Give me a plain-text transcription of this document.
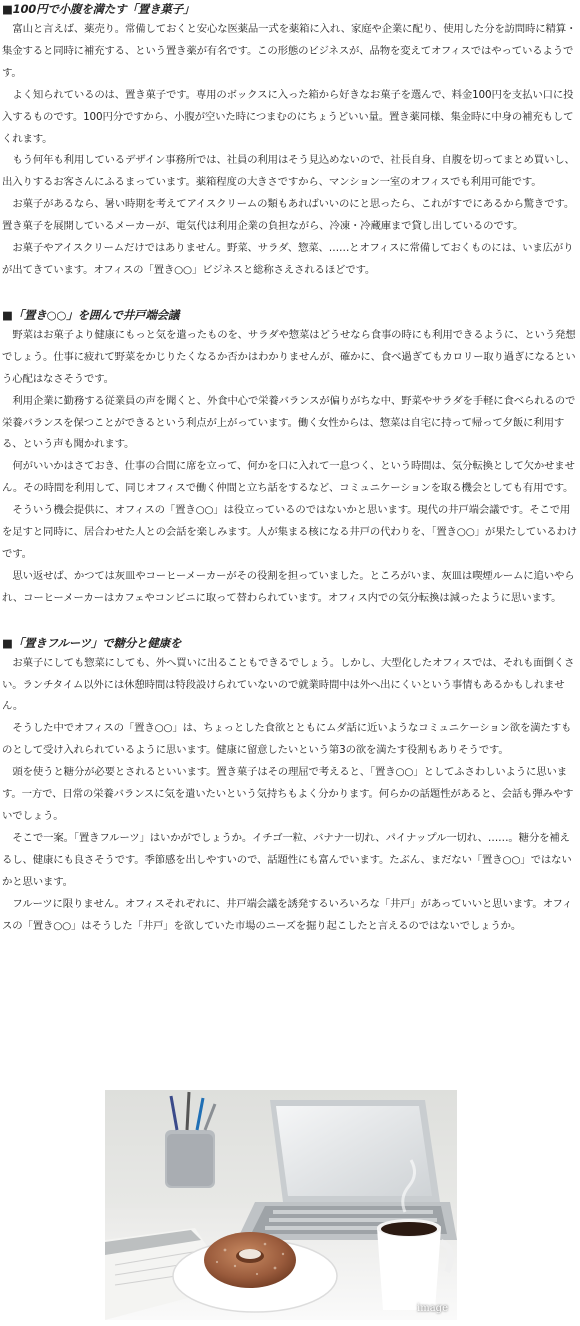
■100円で小腹を満たす「置き菓子」

富山と言えば、薬売り。常備しておくと安心な医薬品一式を薬箱に入れ、家庭や企業に配り、使用した分を訪問時に精算・集金すると同時に補充する、という置き薬が有名です。この形態のビジネスが、品物を変えてオフィスではやっているようです。

よく知られているのは、置き菓子です。専用のボックスに入った箱から好きなお菓子を選んで、料金100円を支払い口に投入するものです。100円分ですから、小腹が空いた時につまむのにちょうどいい量。置き薬同様、集金時に中身の補充もしてくれます。

もう何年も利用しているデザイン事務所では、社員の利用はそう見込めないので、社長自身、自腹を切ってまとめ買いし、出入りするお客さんにふるまっています。薬箱程度の大きさですから、マンション一室のオフィスでも利用可能です。

お菓子があるなら、暑い時期を考えてアイスクリームの類もあればいいのにと思ったら、これがすでにあるから驚きです。置き菓子を展開しているメーカーが、電気代は利用企業の負担ながら、冷凍・冷蔵庫まで貸し出しているのです。

お菓子やアイスクリームだけではありません。野菜、サラダ、惣菜、……とオフィスに常備しておくものには、いま広がりが出てきています。オフィスの「置き○○」ビジネスと総称さえされるほどです。

■「置き○○」を囲んで井戸端会議

野菜はお菓子より健康にもっと気を遣ったものを、サラダや惣菜はどうせなら食事の時にも利用できるように、という発想でしょう。仕事に疲れて野菜をかじりたくなるか否かはわかりませんが、確かに、食べ過ぎてもカロリー取り過ぎになるという心配はなさそうです。

利用企業に勤務する従業員の声を聞くと、外食中心で栄養バランスが偏りがちな中、野菜やサラダを手軽に食べられるので栄養バランスを保つことができるという利点が上がっています。働く女性からは、惣菜は自宅に持って帰って夕飯に利用する、という声も聞かれます。

何がいいかはさておき、仕事の合間に席を立って、何かを口に入れて一息つく、という時間は、気分転換として欠かせません。その時間を利用して、同じオフィスで働く仲間と立ち話をするなど、コミュニケーションを取る機会としても有用です。

そういう機会提供に、オフィスの「置き○○」は役立っているのではないかと思います。現代の井戸端会議です。そこで用を足すと同時に、居合わせた人との会話を楽しみます。人が集まる核になる井戸の代わりを、「置き○○」が果たしているわけです。

思い返せば、かつては灰皿やコーヒーメーカーがその役割を担っていました。ところがいま、灰皿は喫煙ルームに追いやられ、コーヒーメーカーはカフェやコンビニに取って替わられています。オフィス内での気分転換は減ったように思います。

■「置きフルーツ」で糖分と健康を

お菓子にしても惣菜にしても、外へ買いに出ることもできるでしょう。しかし、大型化したオフィスでは、それも面倒くさい。ランチタイム以外には休憩時間は特段設けられていないので就業時間中は外へ出にくいという事情もあるかもしれません。

そうした中でオフィスの「置き○○」は、ちょっとした食欲とともにムダ話に近いようなコミュニケーション欲を満たすものとして受け入れられているように思います。健康に留意したいという第3の欲を満たす役割もありそうです。

頭を使うと糖分が必要とされるといいます。置き菓子はその理屈で考えると、「置き○○」としてふさわしいように思います。一方で、日常の栄養バランスに気を遣いたいという気持ちもよく分かります。何らかの話題性があると、会話も弾みやすいでしょう。

そこで一案。「置きフルーツ」はいかがでしょうか。イチゴ一粒、バナナ一切れ、パイナップル一切れ、……。糖分を補えるし、健康にも良さそうです。季節感を出しやすいので、話題性にも富んでいます。たぶん、まだない「置き○○」ではないかと思います。

フルーツに限りません。オフィスそれぞれに、井戸端会議を誘発するいろいろな「井戸」があっていいと思います。オフィスの「置き○○」はそうした「井戸」を欲していた市場のニーズを掘り起こしたと言えるのではないでしょうか。

image
